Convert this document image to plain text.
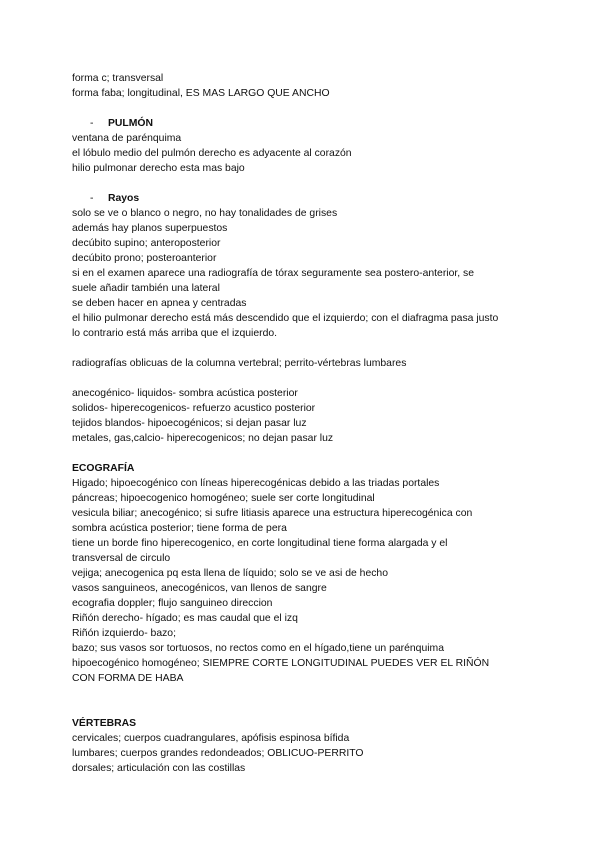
forma c; transversal
forma faba; longitudinal, ES MAS LARGO QUE ANCHO
-	PULMÓN
ventana de parénquima
el lóbulo medio del pulmón derecho es adyacente al corazón
hilio pulmonar derecho esta mas bajo
-	Rayos
solo se ve o blanco o negro, no hay tonalidades de grises
además hay planos superpuestos
decúbito supino; anteroposterior
decúbito prono; posteroanterior
si en el examen aparece una radiografía de tórax seguramente sea postero-anterior, se
suele añadir también una lateral
se deben hacer en apnea y centradas
el hilio pulmonar derecho está más descendido que el izquierdo; con el diafragma pasa justo
lo contrario está más arriba que el izquierdo.
radiografías oblicuas de la columna vertebral; perrito-vértebras lumbares
anecogénico- liquidos- sombra acústica posterior
solidos- hiperecogenicos- refuerzo acustico posterior
tejidos blandos- hipoecogénicos; si dejan pasar luz
metales, gas,calcio- hiperecogenicos; no dejan pasar luz
ECOGRAFÍA
Higado; hipoecogénico con líneas hiperecogénicas debido a las triadas portales
páncreas; hipoecogenico homogéneo; suele ser corte longitudinal
vesicula biliar; anecogénico; si sufre litiasis aparece una estructura hiperecogénica con
sombra acústica posterior; tiene forma de pera
tiene un borde fino hiperecogenico, en corte longitudinal tiene forma alargada y el
transversal de circulo
vejiga; anecogenica pq esta llena de líquido; solo se ve asi de hecho
vasos sanguineos, anecogénicos, van llenos de sangre
ecografia doppler; flujo sanguineo direccion
Riñón derecho- hígado; es mas caudal que el izq
Riñón izquierdo- bazo;
bazo; sus vasos sor tortuosos, no rectos como en el hígado,tiene un parénquima
hipoecogénico homogéneo; SIEMPRE CORTE LONGITUDINAL PUEDES VER EL RIÑÓN
CON FORMA DE HABA
VÉRTEBRAS
cervicales; cuerpos cuadrangulares, apófisis espinosa bífida
lumbares; cuerpos grandes redondeados; OBLICUO-PERRITO
dorsales; articulación con las costillas
